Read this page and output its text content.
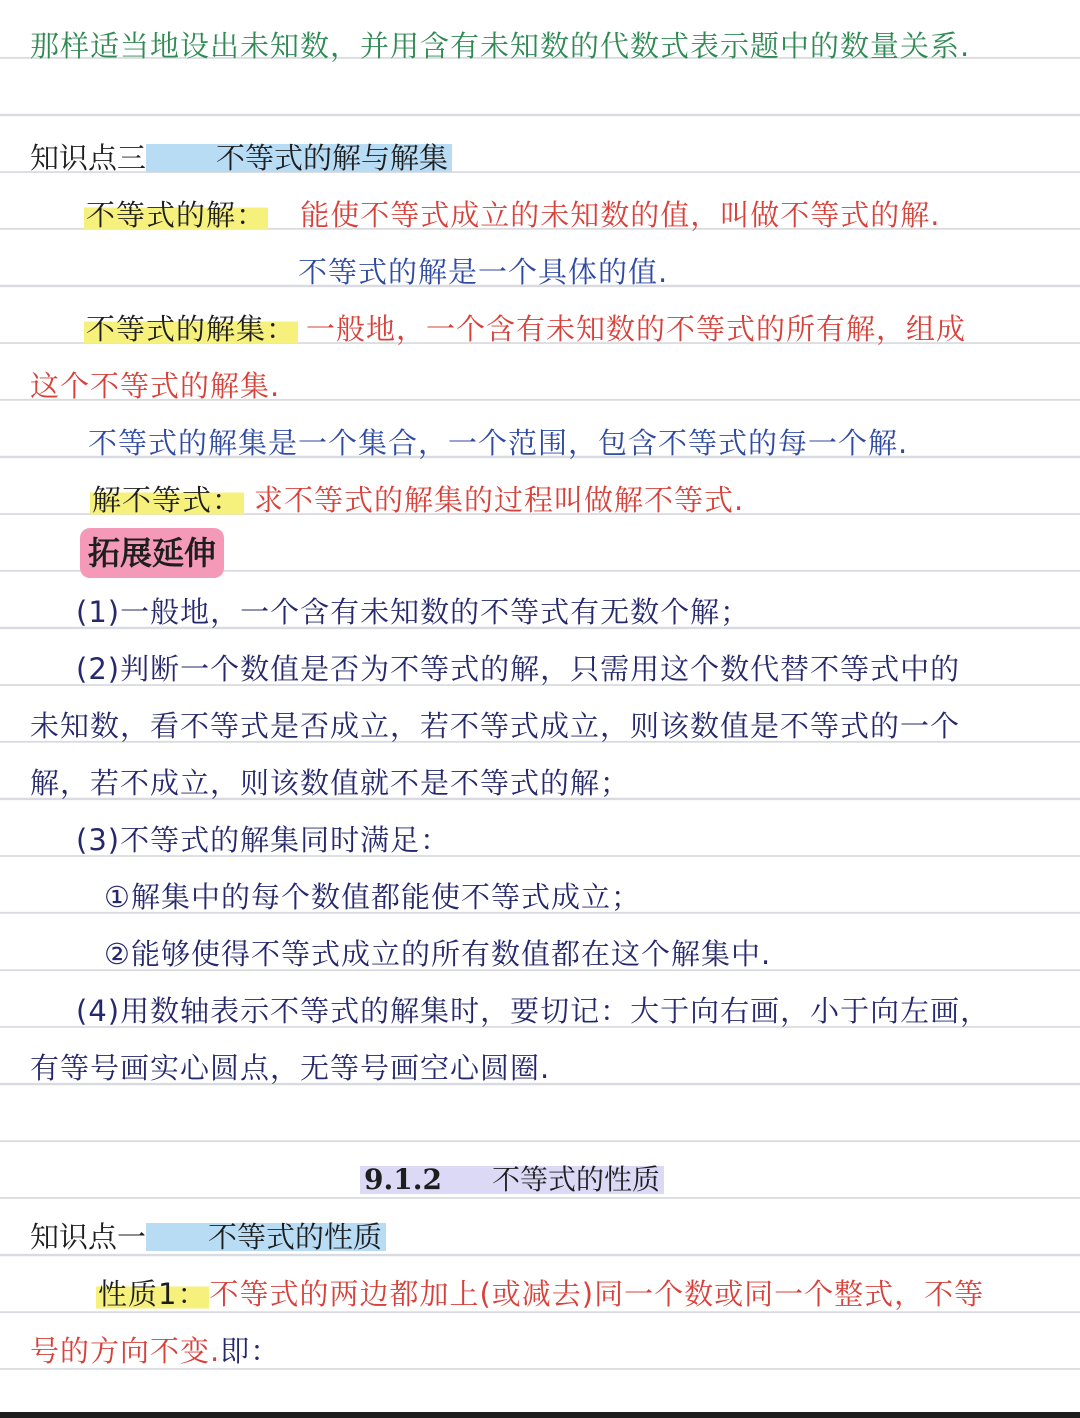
那样适当地设出未知数，并用含有未知数的代数式表示题中的数量关系.
知识点三 不等式的解与解集
不等式的解： 能使不等式成立的未知数的值，叫做不等式的解.
不等式的解是一个具体的值.
不等式的解集： 一般地，一个含有未知数的不等式的所有解，组成
这个不等式的解集.
不等式的解集是一个集合，一个范围，包含不等式的每一个解.
解不等式： 求不等式的解集的过程叫做解不等式.
拓展延伸
(1)一般地，一个含有未知数的不等式有无数个解；
(2)判断一个数值是否为不等式的解，只需用这个数代替不等式中的
未知数，看不等式是否成立，若不等式成立，则该数值是不等式的一个
解，若不成立，则该数值就不是不等式的解；
(3)不等式的解集同时满足：
①解集中的每个数值都能使不等式成立；
②能够使得不等式成立的所有数值都在这个解集中.
(4)用数轴表示不等式的解集时，要切记：大于向右画，小于向左画，
有等号画实心圆点，无等号画空心圆圈.
9.1.2 不等式的性质
知识点一 不等式的性质
性质1：不等式的两边都加上(或减去)同一个数或同一个整式，不等
号的方向不变.即：
